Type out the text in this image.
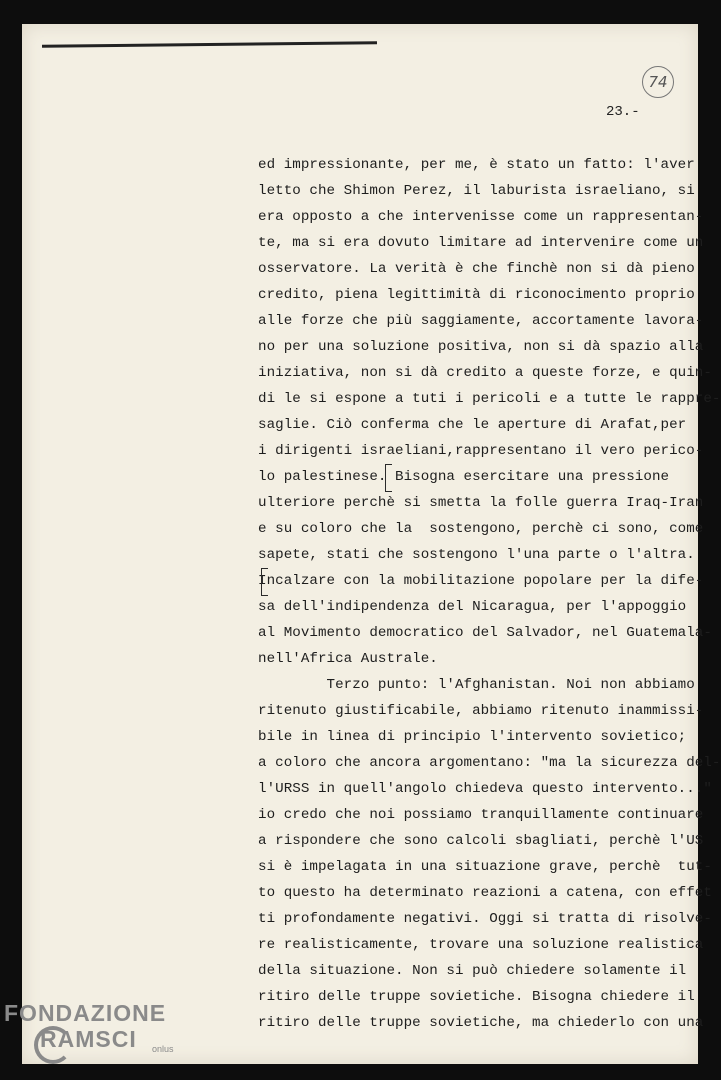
74
23.-
ed impressionante, per me, è stato un fatto: l'aver
letto che Shimon Perez, il laburista israeliano, si
era opposto a che intervenisse come un rappresentan-
te, ma si era dovuto limitare ad intervenire come un
osservatore. La verità è che finchè non si dà pieno
credito, piena legittimità di riconocimento proprio
alle forze che più saggiamente, accortamente lavora-
no per una soluzione positiva, non si dà spazio alla
iniziativa, non si dà credito a queste forze, e quin-
di le si espone a tuti i pericoli e a tutte le rappre-
saglie. Ciò conferma che le aperture di Arafat,per
i dirigenti israeliani,rappresentano il vero perico-
lo palestinese. Bisogna esercitare una pressione
ulteriore perchè si smetta la folle guerra Iraq-Iran
e su coloro che la  sostengono, perchè ci sono, come
sapete, stati che sostengono l'una parte o l'altra.
Incalzare con la mobilitazione popolare per la dife-
sa dell'indipendenza del Nicaragua, per l'appoggio
al Movimento democratico del Salvador, nel Guatemala-
nell'Africa Australe.
Terzo punto: l'Afghanistan. Noi non abbiamo
ritenuto giustificabile, abbiamo ritenuto inammissi-
bile in linea di principio l'intervento sovietico;
a coloro che ancora argomentano: "ma la sicurezza del-
l'URSS in quell'angolo chiedeva questo intervento..."
io credo che noi possiamo tranquillamente continuare
a rispondere che sono calcoli sbagliati, perchè l'US
si è impelagata in una situazione grave, perchè  tut-
to questo ha determinato reazioni a catena, con effet
ti profondamente negativi. Oggi si tratta di risolve-
re realisticamente, trovare una soluzione realistica
della situazione. Non si può chiedere solamente il
ritiro delle truppe sovietiche. Bisogna chiedere il
ritiro delle truppe sovietiche, ma chiederlo con una
FONDAZIONE
RAMSCI	onlus
